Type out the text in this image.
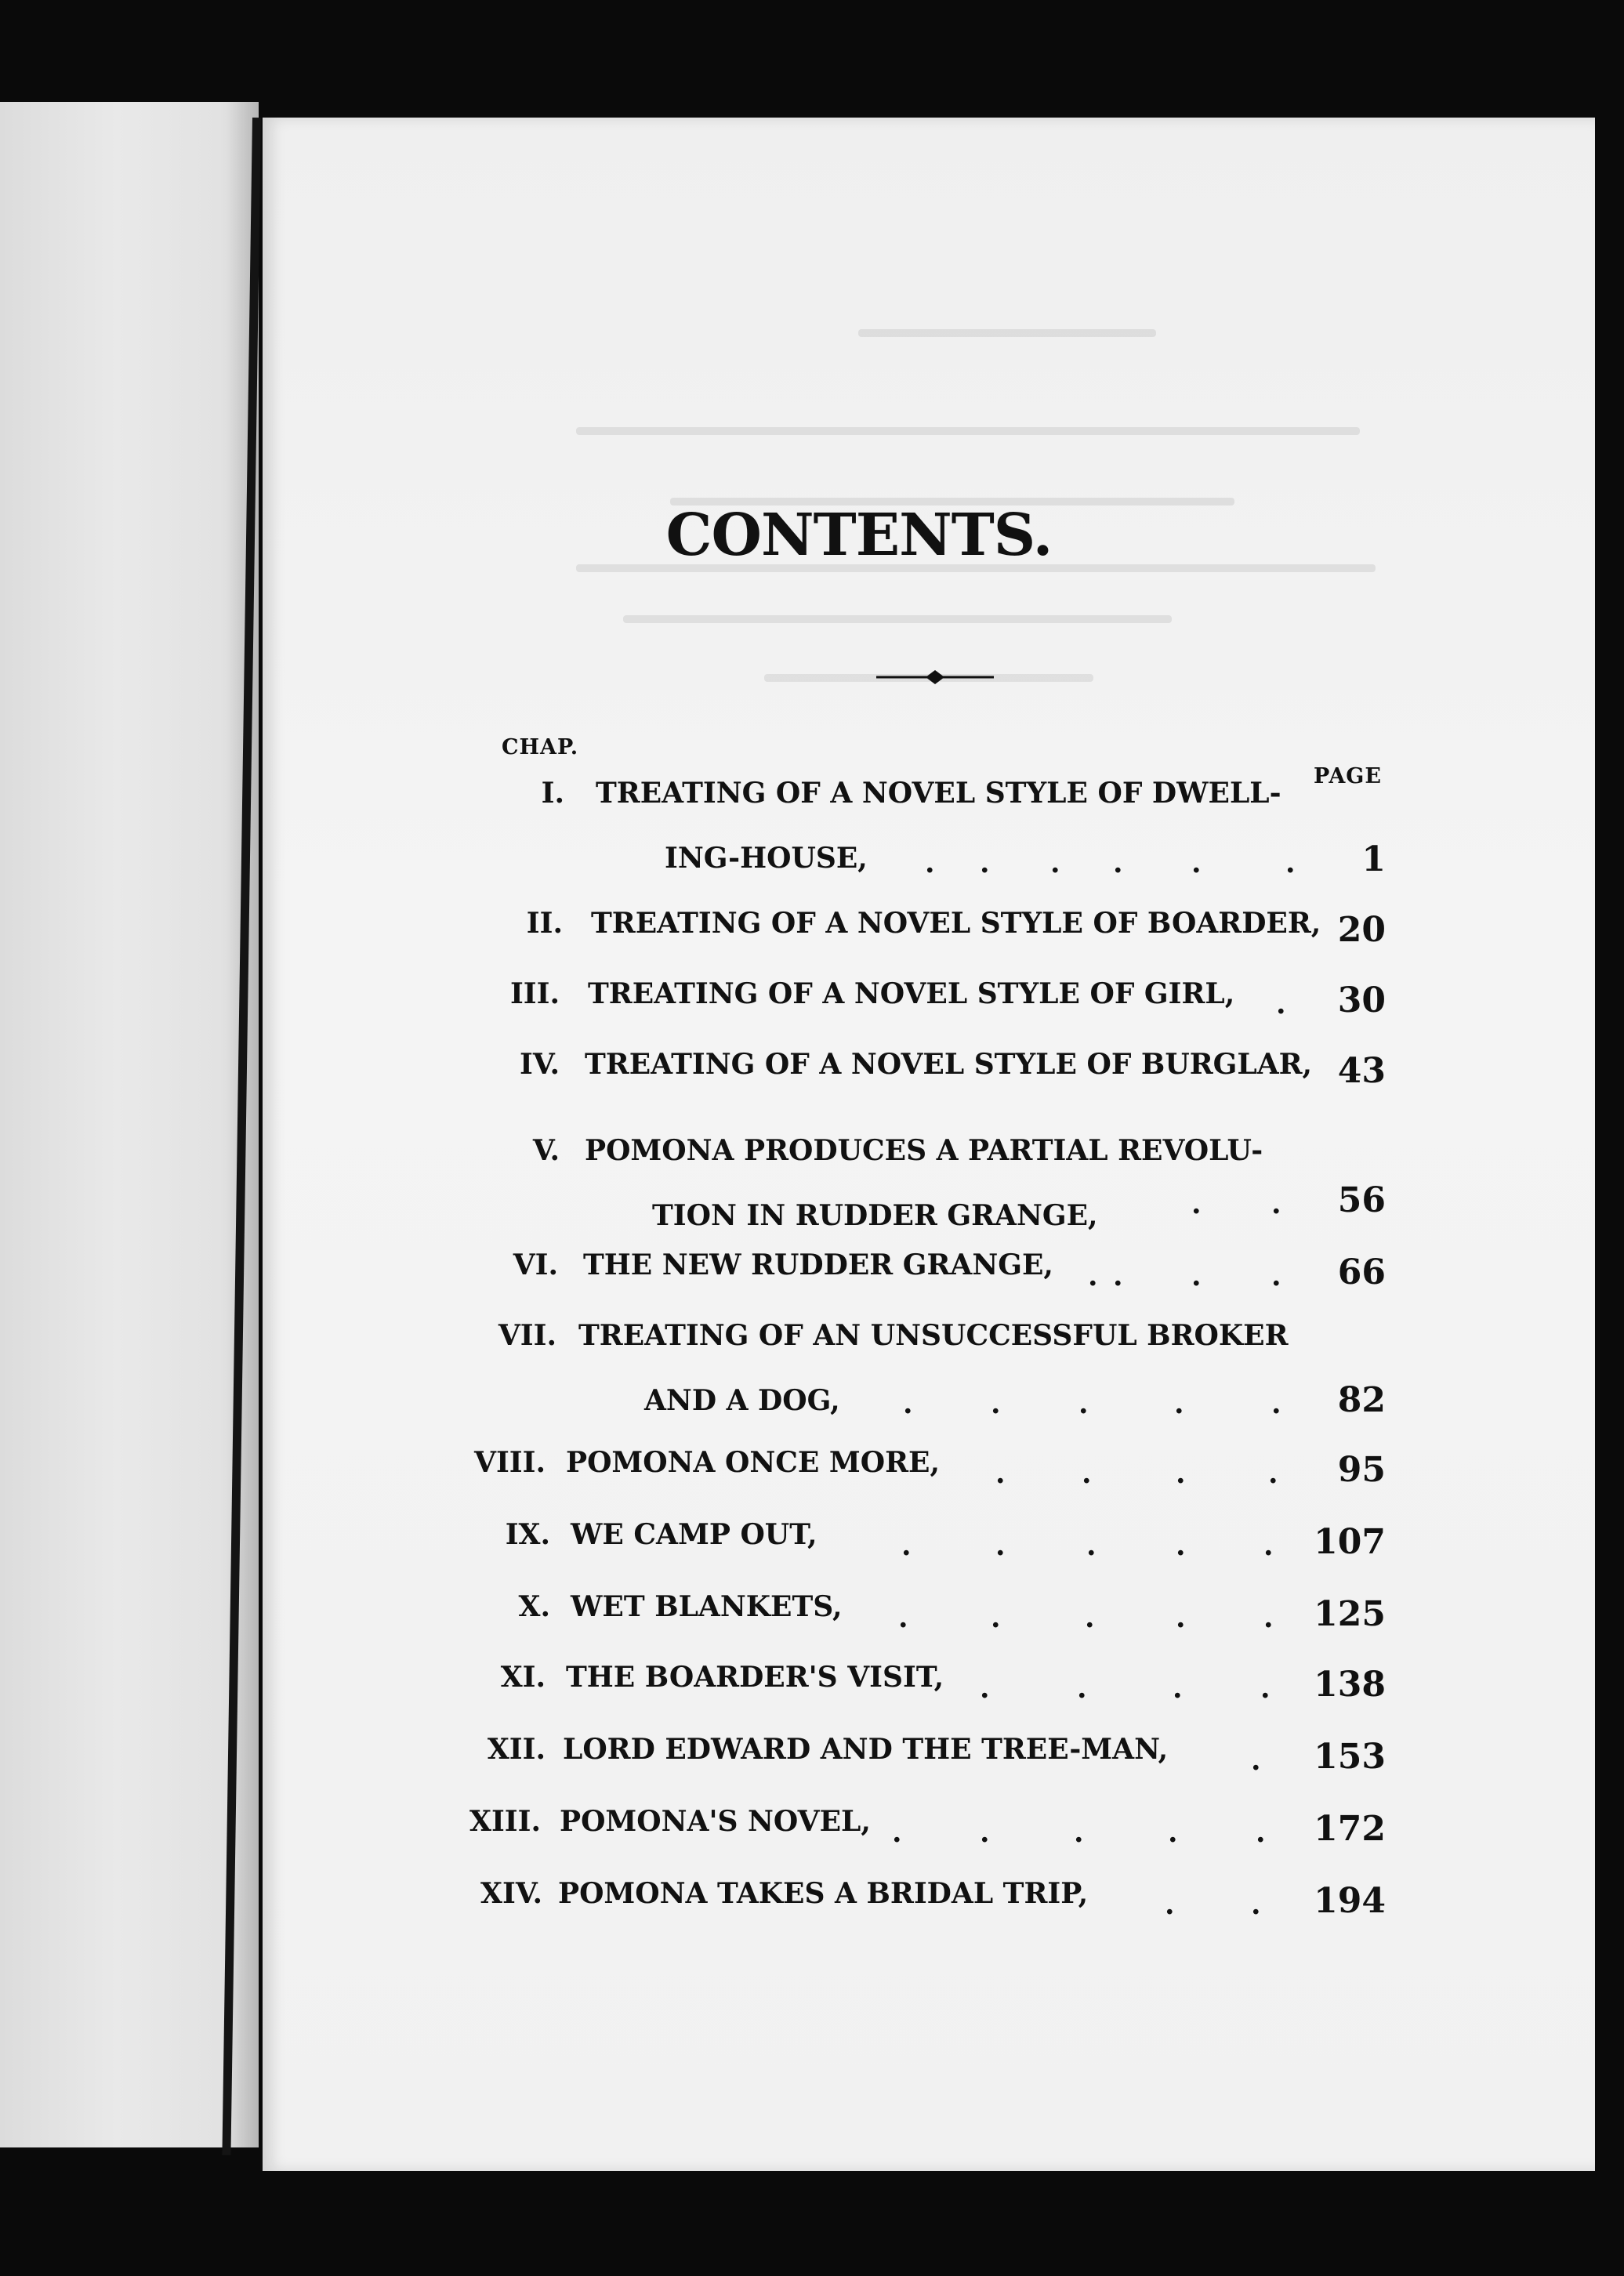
CONTENTS.
CHAP.
PAGE
I. TREATING OF A NOVEL STYLE OF DWELL-
ING-HOUSE, . . . . .	.	1
II. TREATING OF A NOVEL STYLE OF BOARDER, 20
III. TREATING OF A NOVEL STYLE OF GIRL, .	30
IV. TREATING OF A NOVEL STYLE OF BURGLAR, 43
V. POMONA PRODUCES A PARTIAL REVOLU-
TION IN RUDDER GRANGE,	. .	56
VI. THE NEW RUDDER GRANGE, . . . .	66
VII. TREATING OF AN UNSUCCESSFUL BROKER
AND A DOG, .	.	.	.	.	82
VIII. POMONA ONCE MORE, .	.	.	.	95
IX. WE CAMP OUT,	.	.	.	.	.	107
X. WET BLANKETS, .	.	.	.	.	125
XI. THE BOARDER'S VISIT, .	.	.	.	138
XII. LORD EDWARD AND THE TREE-MAN,	.	153
XIII. POMONA'S NOVEL, .	.	.	.	.	172
XIV. POMONA TAKES A BRIDAL TRIP,	.	.	194
